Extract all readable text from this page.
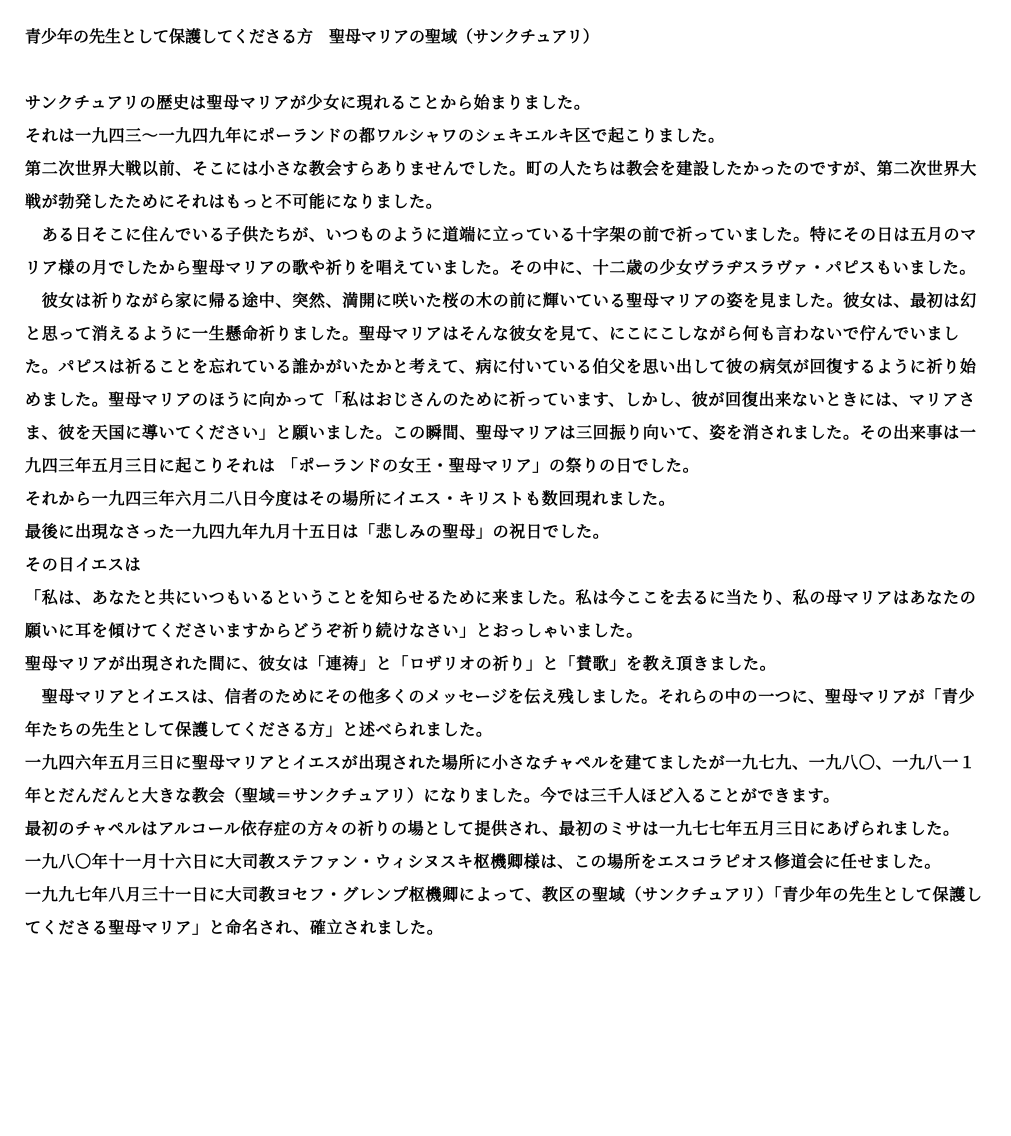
青少年の先生として保護してくださる方　聖母マリアの聖域（サンクチュアリ）

サンクチュアリの歴史は聖母マリアが少女に現れることから始まりました。

それは一九四三～一九四九年にポーランドの都ワルシャワのシェキエルキ区で起こりました。

第二次世界大戦以前、そこには小さな教会すらありませんでした。町の人たちは教会を建設したかったのですが、第二次世界大戦が勃発したためにそれはもっと不可能になりました。

　ある日そこに住んでいる子供たちが、いつものように道端に立っている十字架の前で祈っていました。特にその日は五月のマリア様の月でしたから聖母マリアの歌や祈りを唱えていました。その中に、十二歳の少女ヴラヂスラヴァ・パピスもいました。

　彼女は祈りながら家に帰る途中、突然、満開に咲いた桜の木の前に輝いている聖母マリアの姿を見ました。彼女は、最初は幻と思って消えるように一生懸命祈りました。聖母マリアはそんな彼女を見て、にこにこしながら何も言わないで佇んでいました。パピスは祈ることを忘れている誰かがいたかと考えて、病に付いている伯父を思い出して彼の病気が回復するように祈り始めました。聖母マリアのほうに向かって「私はおじさんのために祈っています、しかし、彼が回復出来ないときには、マリアさま、彼を天国に導いてください」と願いました。この瞬間、聖母マリアは三回振り向いて、姿を消されました。その出来事は一九四三年五月三日に起こりそれは 「ポーランドの女王・聖母マリア」の祭りの日でした。

それから一九四三年六月二八日今度はその場所にイエス・キリストも数回現れました。

最後に出現なさった一九四九年九月十五日は「悲しみの聖母」の祝日でした。

その日イエスは

「私は、あなたと共にいつもいるということを知らせるために来ました。私は今ここを去るに当たり、私の母マリアはあなたの願いに耳を傾けてくださいますからどうぞ祈り続けなさい」とおっしゃいました。

聖母マリアが出現された間に、彼女は「連祷」と「ロザリオの祈り」と「賛歌」を教え頂きました。

　聖母マリアとイエスは、信者のためにその他多くのメッセージを伝え残しました。それらの中の一つに、聖母マリアが「青少年たちの先生として保護してくださる方」と述べられました。

一九四六年五月三日に聖母マリアとイエスが出現された場所に小さなチャペルを建てましたが一九七九、一九八〇、一九八一１年とだんだんと大きな教会（聖域＝サンクチュアリ）になりました。今では三千人ほど入ることができます。

最初のチャペルはアルコール依存症の方々の祈りの場として提供され、最初のミサは一九七七年五月三日にあげられました。

一九八〇年十一月十六日に大司教ステファン・ウィシヌスキ枢機卿様は、この場所をエスコラピオス修道会に任せました。

一九九七年八月三十一日に大司教ヨセフ・グレンプ枢機卿によって、教区の聖域（サンクチュアリ）「青少年の先生として保護してくださる聖母マリア」と命名され、確立されました。
